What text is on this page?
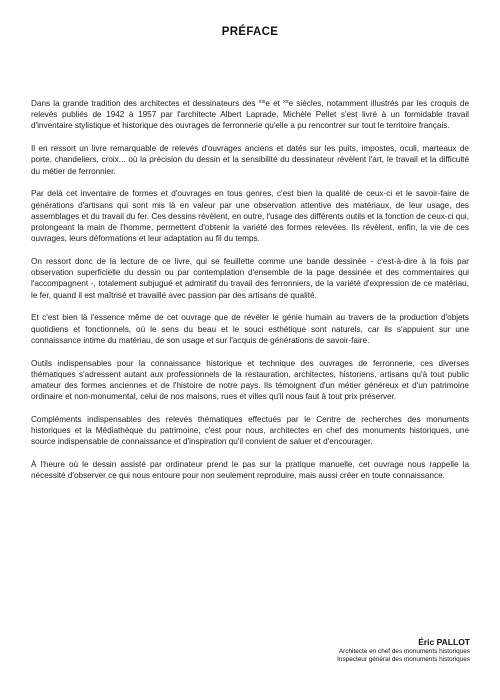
PRÉFACE

Dans la grande tradition des architectes et dessinateurs des $^{xix}$e et $^{xx}$e siècles, notamment illustrés par les croquis de relevés publiés de 1942 à 1957 par l'architecte Albert Laprade, Michèle Pellet s'est livré à un formidable travail d'inventaire stylistique et historique des ouvrages de ferronnerie qu'elle a pu rencontrer sur tout le territoire français.

Il en ressort un livre remarquable de relevés d'ouvrages anciens et datés sur les puits, impostes, oculi, marteaux de porte, chandeliers, croix... où la précision du dessin et la sensibilité du dessinateur révèlent l'art, le travail et la difficulté du métier de ferronnier.

Par delà cet inventaire de formes et d'ouvrages en tous genres, c'est bien la qualité de ceux-ci et le savoir-faire de générations d'artisans qui sont mis là en valeur par une observation attentive des matériaux, de leur usage, des assemblages et du travail du fer. Ces dessins révèlent, en outre, l'usage des différents outils et la fonction de ceux-ci qui, prolongeant la main de l'homme, permettent d'obtenir la variété des formes relevées. Ils révèlent, enfin, la vie de ces ouvrages, leurs déformations et leur adaptation au fil du temps.

On ressort donc de la lecture de ce livre, qui se feuillette comme une bande dessinée - c'est-à-dire à la fois par observation superficielle du dessin ou par contemplation d'ensemble de la page dessinée et des commentaires qui l'accompagnent -, totalement subjugué et admiratif du travail des ferronniers, de la variété d'expression de ce matériau, le fer, quand il est maîtrisé et travaillé avec passion par des artisans de qualité.

Et c'est bien là l'essence même de cet ouvrage que de révéler le génie humain au travers de la production d'objets quotidiens et fonctionnels, où le sens du beau et le souci esthétique sont naturels, car ils s'appuient sur une connaissance intime du matériau, de son usage et sur l'acquis de générations de savoir-faire.

Outils indispensables pour la connaissance historique et technique des ouvrages de ferronnerie, ces diverses thématiques s'adressent autant aux professionnels de la restauration, architectes, historiens, artisans qu'à tout public amateur des formes anciennes et de l'histoire de notre pays. Ils témoignent d'un métier généreux et d'un patrimoine ordinaire et non-monumental, celui de nos maisons, rues et villes qu'il nous faut à tout prix préserver.

Compléments indispensables des relevés thématiques effectués par le Centre de recherches des monuments historiques et la Médiathèque du patrimoine, c'est pour nous, architectes en chef des monuments historiques, une source indispensable de connaissance et d'inspiration qu'il convient de saluer et d'encourager.

À l'heure où le dessin assisté par ordinateur prend le pas sur la pratique manuelle, cet ouvrage nous rappelle la nécessité d'observer ce qui nous entoure pour non seulement reproduire, mais aussi créer en toute connaissance.

Éric PALLOT
Architecte en chef des monuments historiques
Inspecteur général des monuments historiques
